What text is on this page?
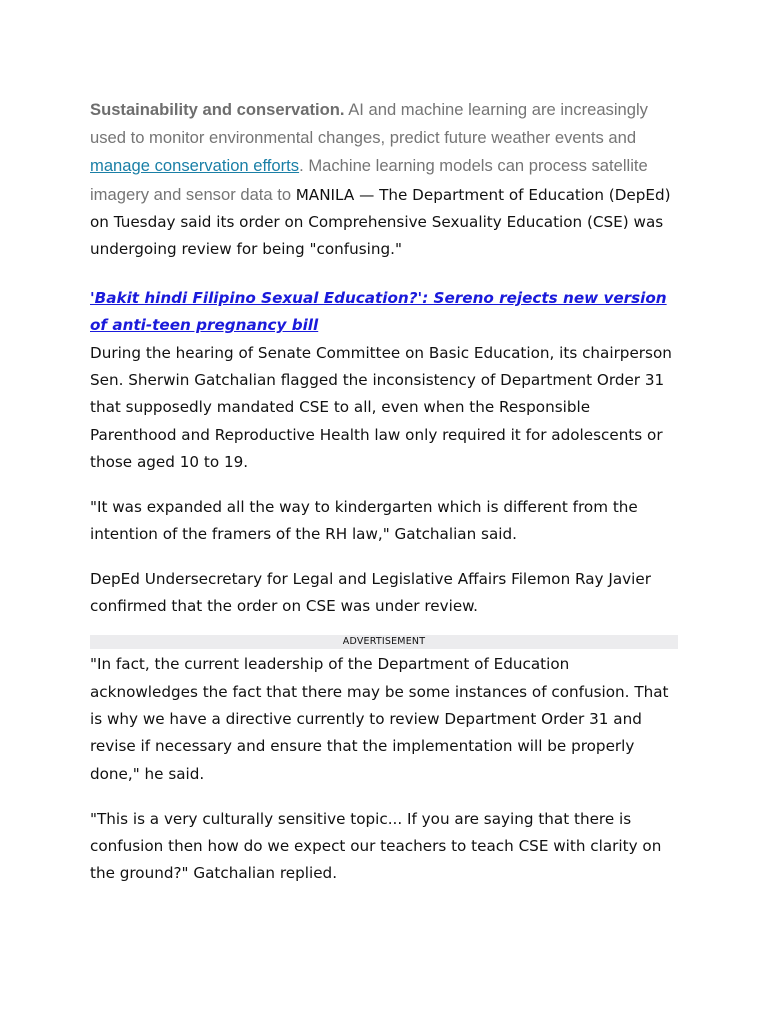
Sustainability and conservation. AI and machine learning are increasingly used to monitor environmental changes, predict future weather events and manage conservation efforts. Machine learning models can process satellite imagery and sensor data to MANILA — The Department of Education (DepEd) on Tuesday said its order on Comprehensive Sexuality Education (CSE) was undergoing review for being "confusing."

'Bakit hindi Filipino Sexual Education?': Sereno rejects new version of anti-teen pregnancy bill

During the hearing of Senate Committee on Basic Education, its chairperson Sen. Sherwin Gatchalian flagged the inconsistency of Department Order 31 that supposedly mandated CSE to all, even when the Responsible Parenthood and Reproductive Health law only required it for adolescents or those aged 10 to 19.

"It was expanded all the way to kindergarten which is different from the intention of the framers of the RH law," Gatchalian said.

DepEd Undersecretary for Legal and Legislative Affairs Filemon Ray Javier confirmed that the order on CSE was under review.

ADVERTISEMENT

"In fact, the current leadership of the Department of Education acknowledges the fact that there may be some instances of confusion. That is why we have a directive currently to review Department Order 31 and revise if necessary and ensure that the implementation will be properly done," he said.

"This is a very culturally sensitive topic... If you are saying that there is confusion then how do we expect our teachers to teach CSE with clarity on the ground?" Gatchalian replied.
